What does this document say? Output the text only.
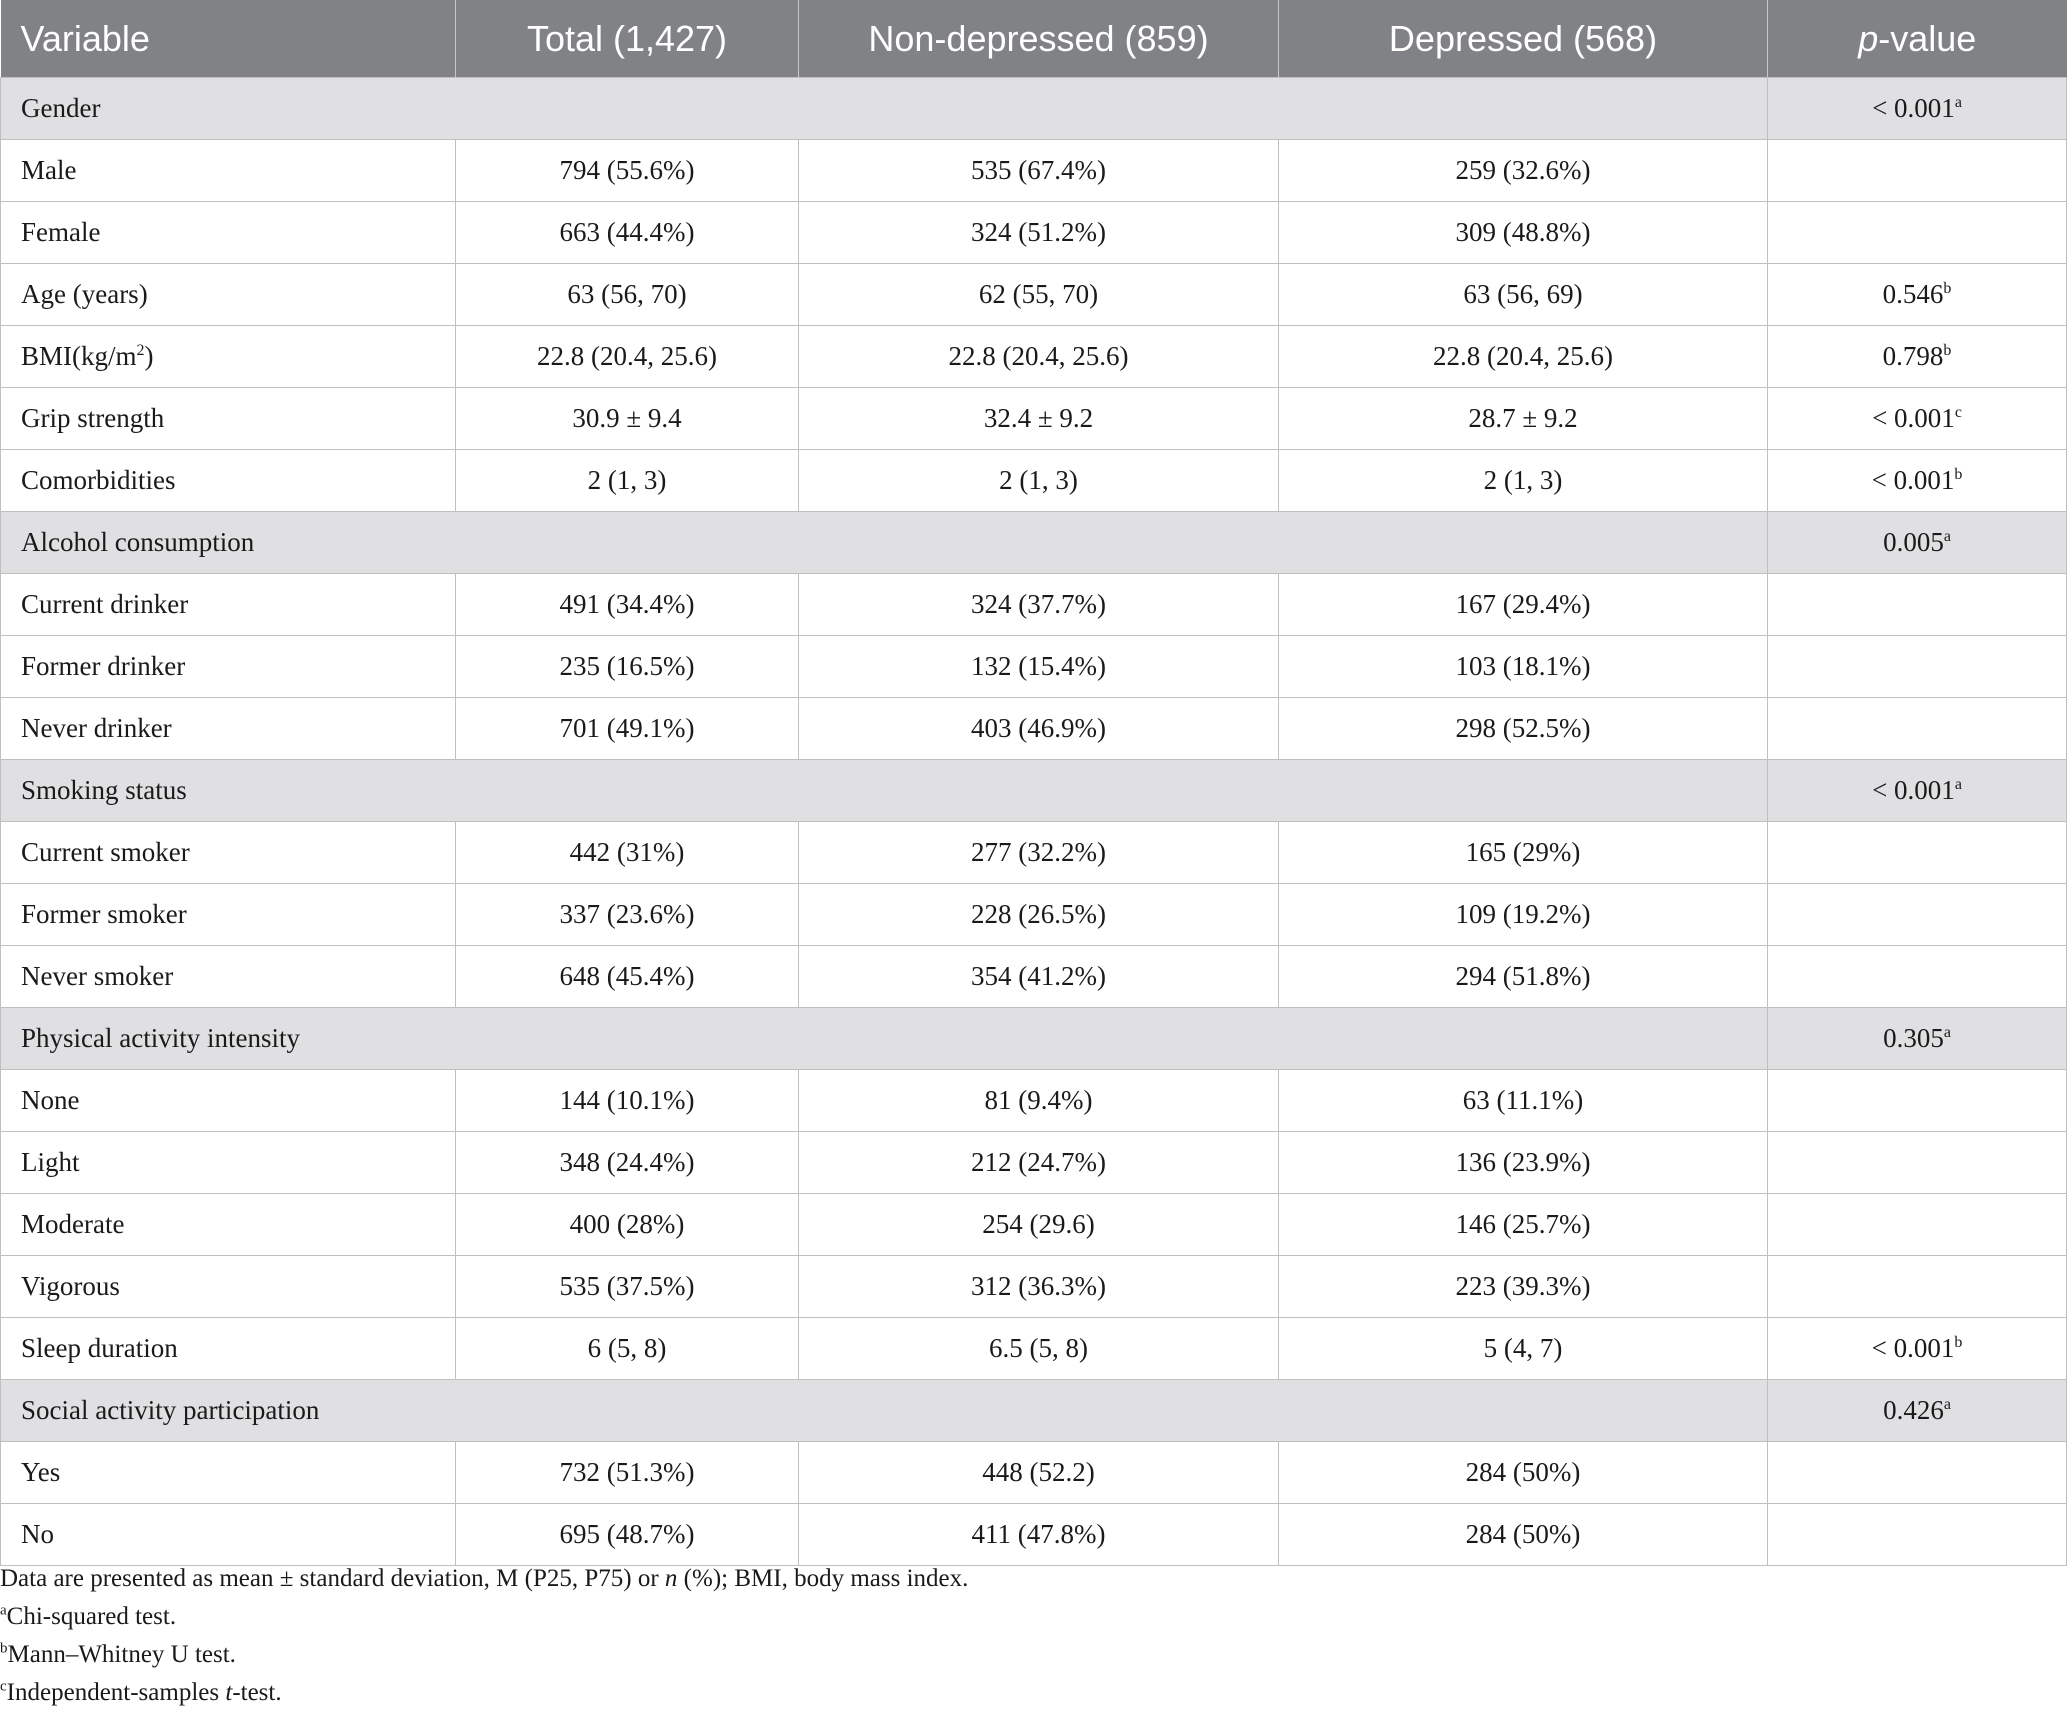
Variable	Total (1,427)	Non-depressed (859)	Depressed (568)	p-value
Gender				< 0.001$^a$
Male	794 (55.6%)	535 (67.4%)	259 (32.6%)	
Female	663 (44.4%)	324 (51.2%)	309 (48.8%)	
Age (years)	63 (56, 70)	62 (55, 70)	63 (56, 69)	0.546$^b$
$BMI(kg/m^2)$	22.8 (20.4, 25.6)	22.8 (20.4, 25.6)	22.8 (20.4, 25.6)	0.798$^b$
Grip strength	30.9 ± 9.4	32.4 ± 9.2	28.7 ± 9.2	< 0.001$^c$
Comorbidities	2 (1, 3)	2 (1, 3)	2 (1, 3)	< 0.001$^b$
Alcohol consumption				0.005$^a$
Current drinker	491 (34.4%)	324 (37.7%)	167 (29.4%)	
Former drinker	235 (16.5%)	132 (15.4%)	103 (18.1%)	
Never drinker	701 (49.1%)	403 (46.9%)	298 (52.5%)	
Smoking status				< 0.001$^a$
Current smoker	442 (31%)	277 (32.2%)	165 (29%)	
Former smoker	337 (23.6%)	228 (26.5%)	109 (19.2%)	
Never smoker	648 (45.4%)	354 (41.2%)	294 (51.8%)	
Physical activity intensity				0.305$^a$
None	144 (10.1%)	81 (9.4%)	63 (11.1%)	
Light	348 (24.4%)	212 (24.7%)	136 (23.9%)	
Moderate	400 (28%)	254 (29.6)	146 (25.7%)	
Vigorous	535 (37.5%)	312 (36.3%)	223 (39.3%)	
Sleep duration	6 (5, 8)	6.5 (5, 8)	5 (4, 7)	< 0.001$^b$
Social activity participation				0.426$^a$
Yes	732 (51.3%)	448 (52.2)	284 (50%)	
No	695 (48.7%)	411 (47.8%)	284 (50%)	

Data are presented as mean ± standard deviation, M (P25, P75) or n (%); BMI, body mass index.

$^a$Chi-squared test.

$^b$Mann–Whitney U test.

$^c$Independent-samples t-test.
